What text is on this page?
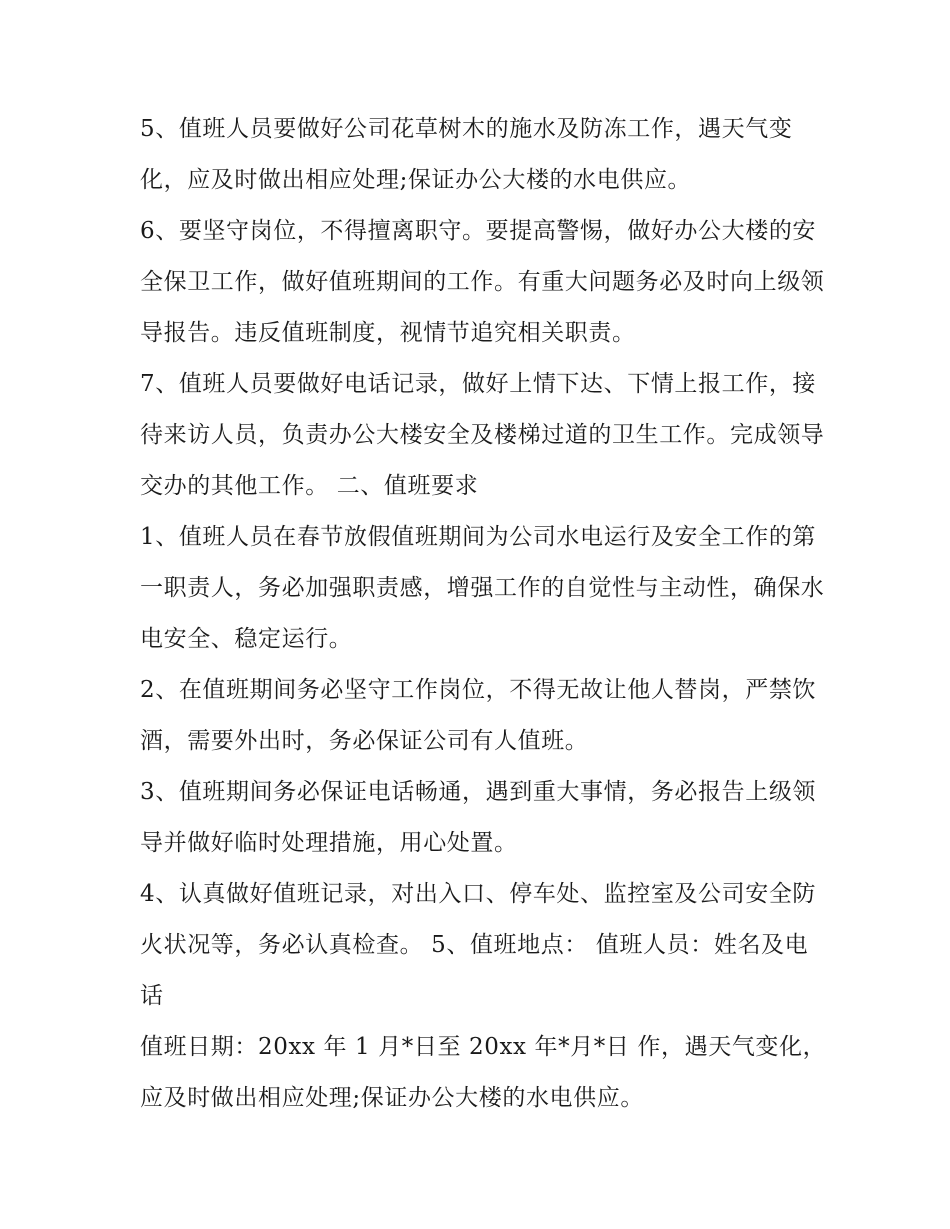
5、值班人员要做好公司花草树木的施水及防冻工作，遇天气变化，应及时做出相应处理;保证办公大楼的水电供应。

6、要坚守岗位，不得擅离职守。要提高警惕，做好办公大楼的安全保卫工作，做好值班期间的工作。有重大问题务必及时向上级领导报告。违反值班制度，视情节追究相关职责。

7、值班人员要做好电话记录，做好上情下达、下情上报工作，接待来访人员，负责办公大楼安全及楼梯过道的卫生工作。完成领导交办的其他工作。 二、值班要求

1、值班人员在春节放假值班期间为公司水电运行及安全工作的第一职责人，务必加强职责感，增强工作的自觉性与主动性，确保水电安全、稳定运行。

2、在值班期间务必坚守工作岗位，不得无故让他人替岗，严禁饮酒，需要外出时，务必保证公司有人值班。

3、值班期间务必保证电话畅通，遇到重大事情，务必报告上级领导并做好临时处理措施，用心处置。

4、认真做好值班记录，对出入口、停车处、监控室及公司安全防火状况等，务必认真检查。 5、值班地点： 值班人员：姓名及电话

值班日期：20xx 年 1 月*日至 20xx 年*月*日 作，遇天气变化，应及时做出相应处理;保证办公大楼的水电供应。
